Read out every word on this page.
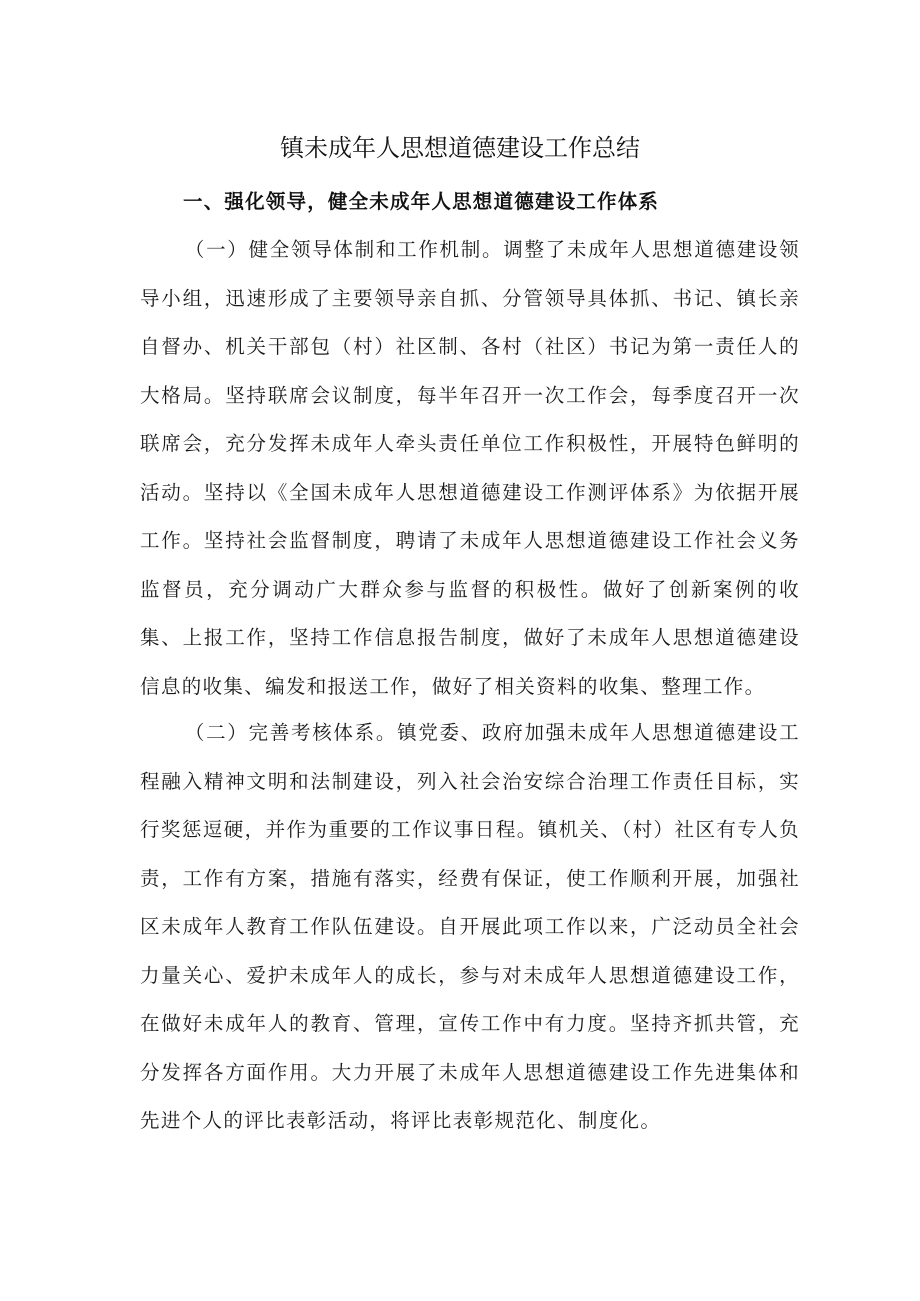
镇未成年人思想道德建设工作总结
一、强化领导，健全未成年人思想道德建设工作体系

（一）健全领导体制和工作机制。调整了未成年人思想道德建设领导小组，迅速形成了主要领导亲自抓、分管领导具体抓、书记、镇长亲自督办、机关干部包（村）社区制、各村（社区）书记为第一责任人的大格局。坚持联席会议制度，每半年召开一次工作会，每季度召开一次联席会，充分发挥未成年人牵头责任单位工作积极性，开展特色鲜明的活动。坚持以《全国未成年人思想道德建设工作测评体系》为依据开展工作。坚持社会监督制度，聘请了未成年人思想道德建设工作社会义务监督员，充分调动广大群众参与监督的积极性。做好了创新案例的收集、上报工作，坚持工作信息报告制度，做好了未成年人思想道德建设信息的收集、编发和报送工作，做好了相关资料的收集、整理工作。

（二）完善考核体系。镇党委、政府加强未成年人思想道德建设工程融入精神文明和法制建设，列入社会治安综合治理工作责任目标，实行奖惩逗硬，并作为重要的工作议事日程。镇机关、（村）社区有专人负责，工作有方案，措施有落实，经费有保证，使工作顺利开展，加强社区未成年人教育工作队伍建设。自开展此项工作以来，广泛动员全社会力量关心、爱护未成年人的成长，参与对未成年人思想道德建设工作，在做好未成年人的教育、管理，宣传工作中有力度。坚持齐抓共管，充分发挥各方面作用。大力开展了未成年人思想道德建设工作先进集体和先进个人的评比表彰活动，将评比表彰规范化、制度化。
